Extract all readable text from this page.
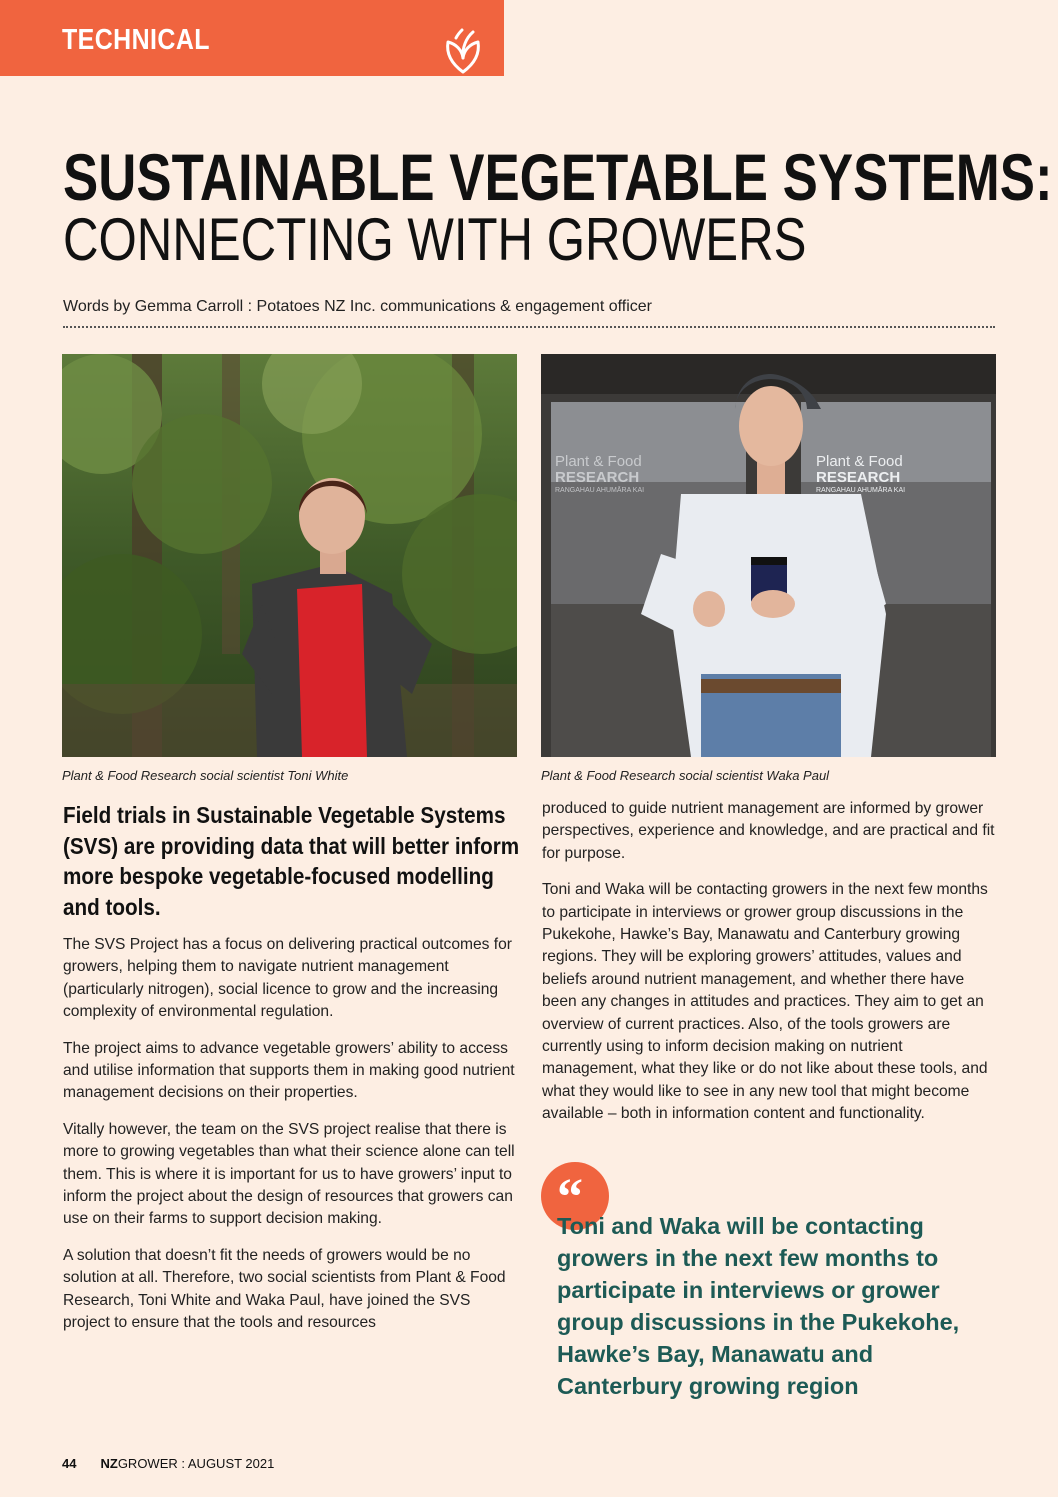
TECHNICAL
SUSTAINABLE VEGETABLE SYSTEMS:
CONNECTING WITH GROWERS
Words by Gemma Carroll : Potatoes NZ Inc. communications & engagement officer
Plant & Food
RESEARCH
RANGAHAU AHUMĀRA KAI
Plant & Food
RESEARCH
RANGAHAU AHUMĀRA KAI
Plant & Food Research social scientist Toni White	Plant & Food Research social scientist Waka Paul

Field trials in Sustainable Vegetable Systems (SVS) are providing data that will better inform more bespoke vegetable-focused modelling and tools.

The SVS Project has a focus on delivering practical outcomes for growers, helping them to navigate nutrient management (particularly nitrogen), social licence to grow and the increasing complexity of environmental regulation.

The project aims to advance vegetable growers’ ability to access and utilise information that supports them in making good nutrient management decisions on their properties.

Vitally however, the team on the SVS project realise that there is more to growing vegetables than what their science alone can tell them. This is where it is important for us to have growers’ input to inform the project about the design of resources that growers can use on their farms to support decision making.

A solution that doesn’t fit the needs of growers would be no solution at all. Therefore, two social scientists from Plant & Food Research, Toni White and Waka Paul, have joined the SVS project to ensure that the tools and resources

produced to guide nutrient management are informed by grower perspectives, experience and knowledge, and are practical and fit for purpose.

Toni and Waka will be contacting growers in the next few months to participate in interviews or grower group discussions in the Pukekohe, Hawke’s Bay, Manawatu and Canterbury growing regions. They will be exploring growers’ attitudes, values and beliefs around nutrient management, and whether there have been any changes in attitudes and practices. They aim to get an overview of current practices. Also, of the tools growers are currently using to inform decision making on nutrient management, what they like or do not like about these tools, and what they would like to see in any new tool that might become available – both in information content and functionality.

“

Toni and Waka will be contacting growers in the next few months to participate in interviews or grower group discussions in the Pukekohe, Hawke’s Bay, Manawatu and Canterbury growing region

44 NZGROWER : AUGUST 2021
